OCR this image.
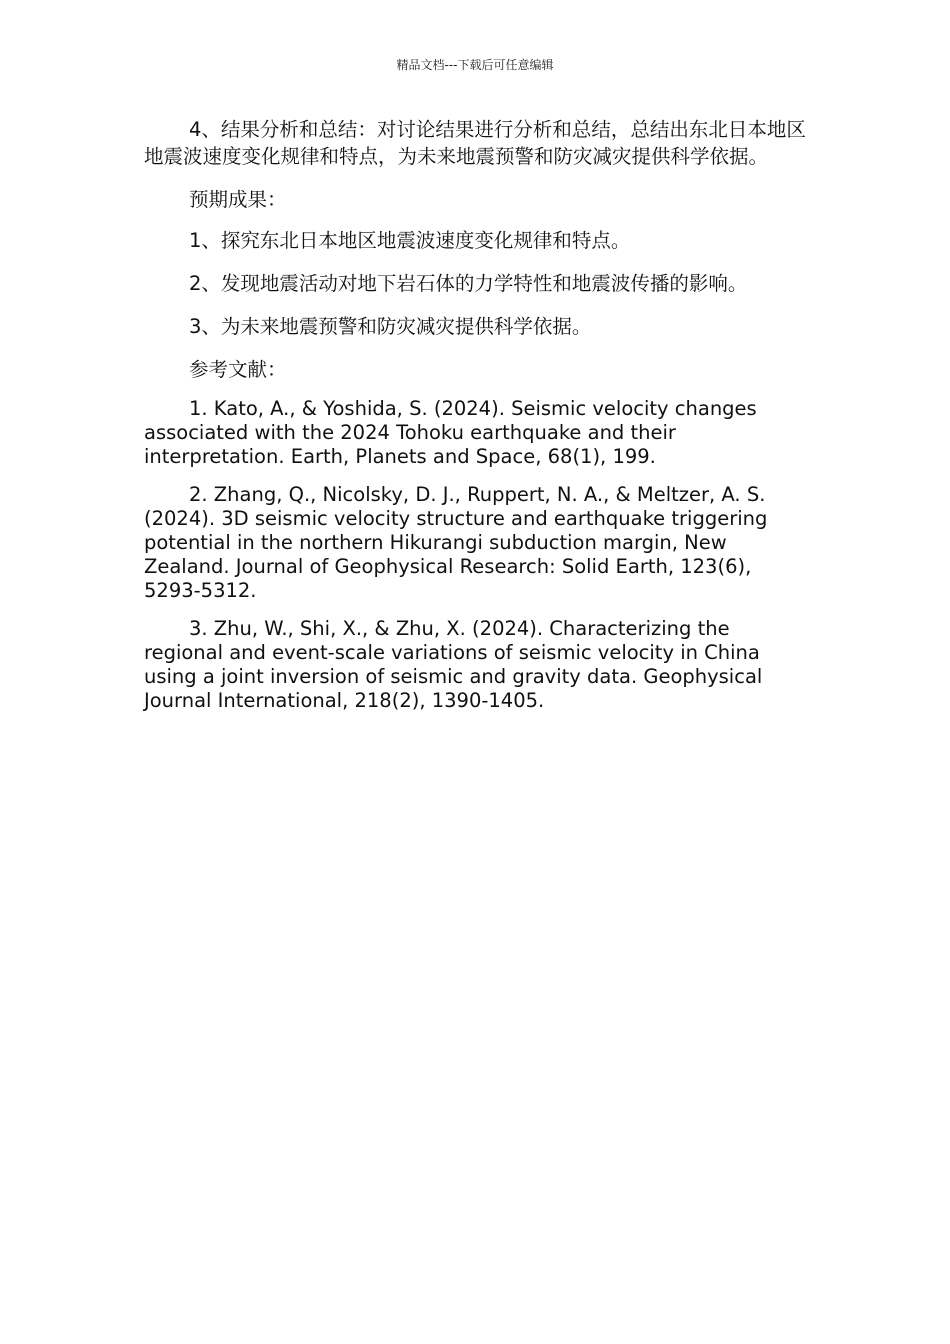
精品文档---下载后可任意编辑

4、结果分析和总结：对讨论结果进行分析和总结，总结出东北日本地区地震波速度变化规律和特点，为未来地震预警和防灾减灾提供科学依据。

预期成果：

1、探究东北日本地区地震波速度变化规律和特点。

2、发现地震活动对地下岩石体的力学特性和地震波传播的影响。

3、为未来地震预警和防灾减灾提供科学依据。

参考文献：

1. Kato, A., & Yoshida, S. (2024). Seismic velocity changes associated with the 2024 Tohoku earthquake and their interpretation. Earth, Planets and Space, 68(1), 199.

2. Zhang, Q., Nicolsky, D. J., Ruppert, N. A., & Meltzer, A. S. (2024). 3D seismic velocity structure and earthquake triggering potential in the northern Hikurangi subduction margin, New Zealand. Journal of Geophysical Research: Solid Earth, 123(6), 5293-5312.

3. Zhu, W., Shi, X., & Zhu, X. (2024). Characterizing the regional and event-scale variations of seismic velocity in China using a joint inversion of seismic and gravity data. Geophysical Journal International, 218(2), 1390-1405.
